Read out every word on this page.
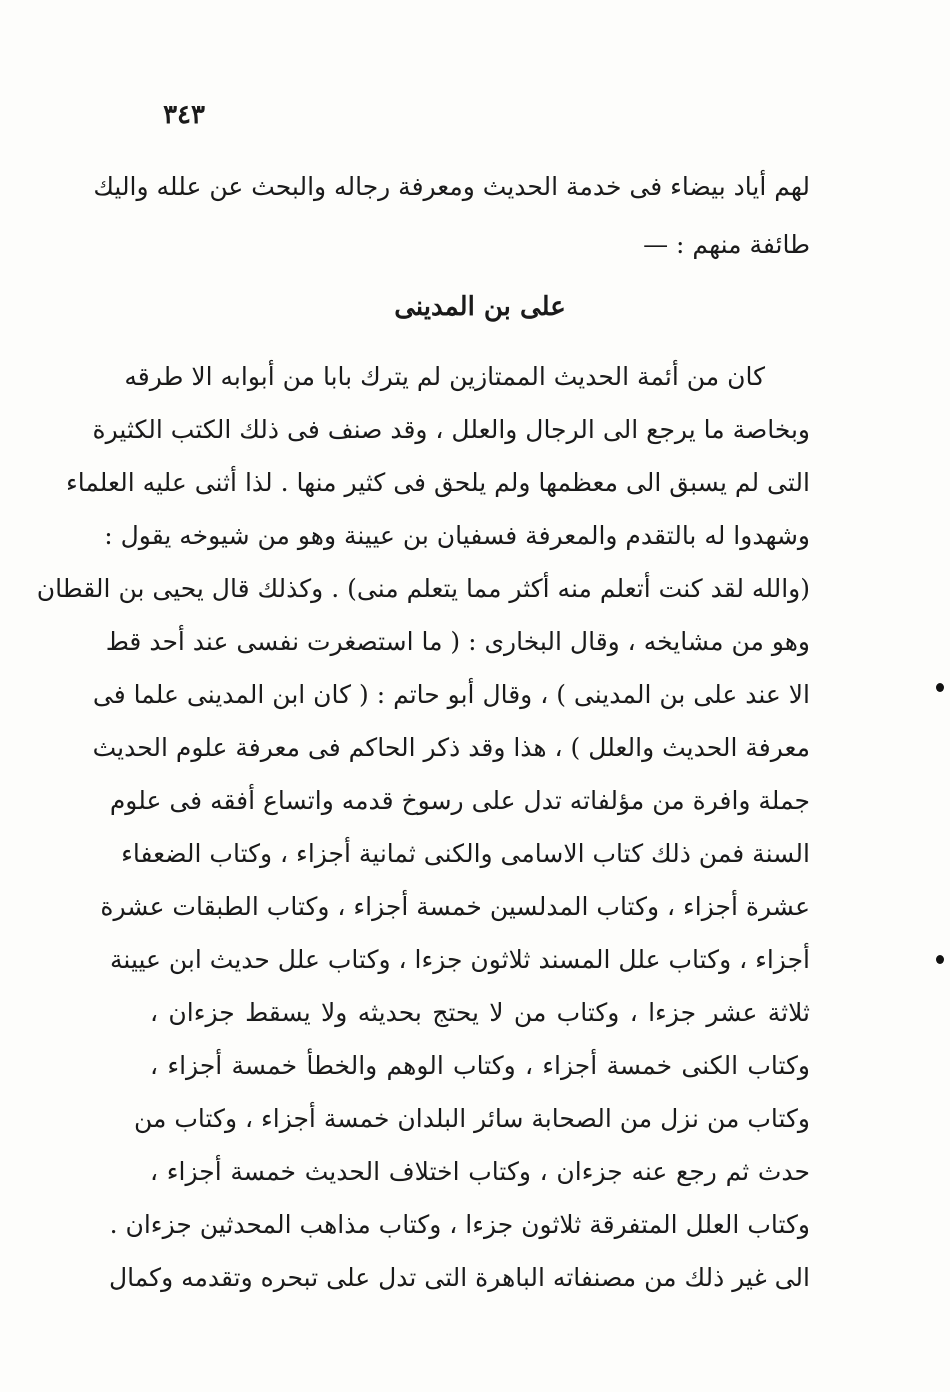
٣٤٣
لهم أياد بيضاء فى خدمة الحديث ومعرفة رجاله والبحث عن علله واليك
طائفة منهم : —
على بن المدينى
كان من أئمة الحديث الممتازين لم يترك بابا من أبوابه الا طرقه
وبخاصة ما يرجع الى الرجال والعلل ، وقد صنف فى ذلك الكتب الكثيرة
التى لم يسبق الى معظمها ولم يلحق فى كثير منها . لذا أثنى عليه العلماء
وشهدوا له بالتقدم والمعرفة فسفيان بن عيينة وهو من شيوخه يقول :
(والله لقد كنت أتعلم منه أكثر مما يتعلم منى) . وكذلك قال يحيى بن القطان
وهو من مشايخه ، وقال البخارى : ( ما استصغرت نفسى عند أحد قط
الا عند على بن المدينى ) ، وقال أبو حاتم : ( كان ابن المدينى علما فى
معرفة الحديث والعلل ) ، هذا وقد ذكر الحاكم فى معرفة علوم الحديث
جملة وافرة من مؤلفاته تدل على رسوخ قدمه واتساع أفقه فى علوم
السنة فمن ذلك كتاب الاسامى والكنى ثمانية أجزاء ، وكتاب الضعفاء
عشرة أجزاء ، وكتاب المدلسين خمسة أجزاء ، وكتاب الطبقات عشرة
أجزاء ، وكتاب علل المسند ثلاثون جزءا ، وكتاب علل حديث ابن عيينة
ثلاثة عشر جزءا ، وكتاب من لا يحتج بحديثه ولا يسقط جزءان ،
وكتاب الكنى خمسة أجزاء ، وكتاب الوهم والخطأ خمسة أجزاء ،
وكتاب من نزل من الصحابة سائر البلدان خمسة أجزاء ، وكتاب من
حدث ثم رجع عنه جزءان ، وكتاب اختلاف الحديث خمسة أجزاء ،
وكتاب العلل المتفرقة ثلاثون جزءا ، وكتاب مذاهب المحدثين جزءان .
الى غير ذلك من مصنفاته الباهرة التى تدل على تبحره وتقدمه وكمال
